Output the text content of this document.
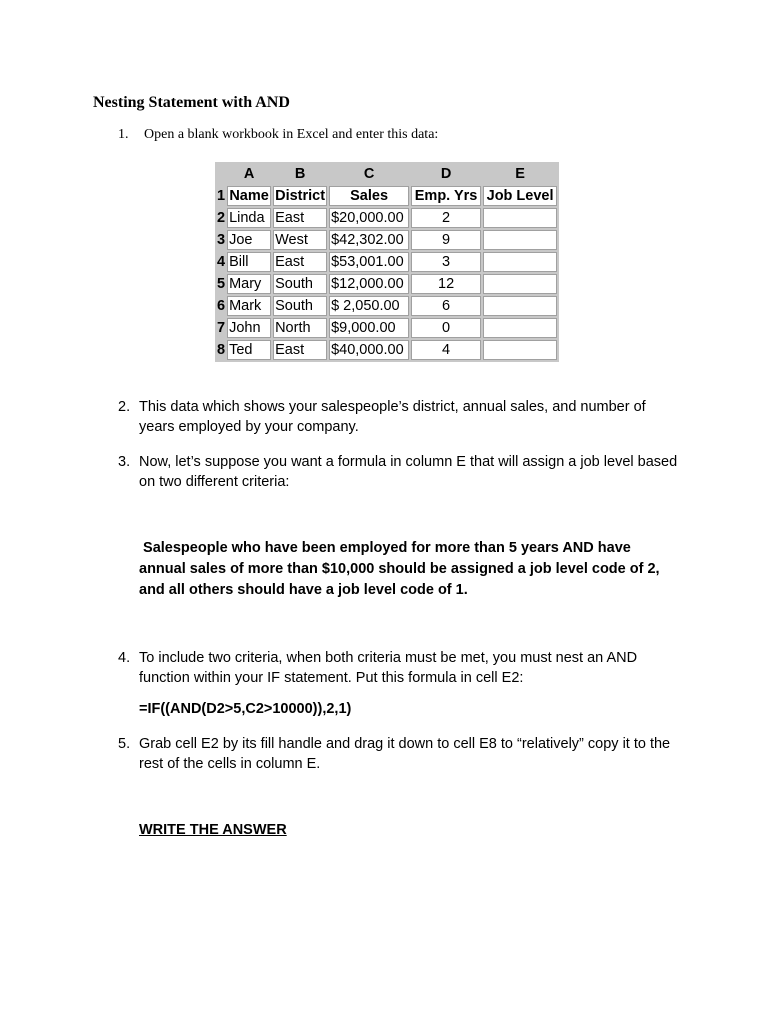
Nesting Statement with AND
1.	Open a blank workbook in Excel and enter this data:
	A	B	C	D	E
1	Name	District	Sales	Emp. Yrs	Job Level
2	Linda	East	$20,000.00	2	
3	Joe	West	$42,302.00	9	
4	Bill	East	$53,001.00	3	
5	Mary	South	$12,000.00	12	
6	Mark	South	$ 2,050.00	6	
7	John	North	$9,000.00	0	
8	Ted	East	$40,000.00	4	
2. This data which shows your salespeople’s district, annual sales, and number of years employed by your company.
3. Now, let’s suppose you want a formula in column E that will assign a job level based on two different criteria:

Salespeople who have been employed for more than 5 years AND have annual sales of more than $10,000 should be assigned a job level code of 2, and all others should have a job level code of 1.

4. To include two criteria, when both criteria must be met, you must nest an AND function within your IF statement. Put this formula in cell E2:
=IF((AND(D2>5,C2>10000)),2,1)
5. Grab cell E2 by its fill handle and drag it down to cell E8 to “relatively” copy it to the rest of the cells in column E.
WRITE THE ANSWER
